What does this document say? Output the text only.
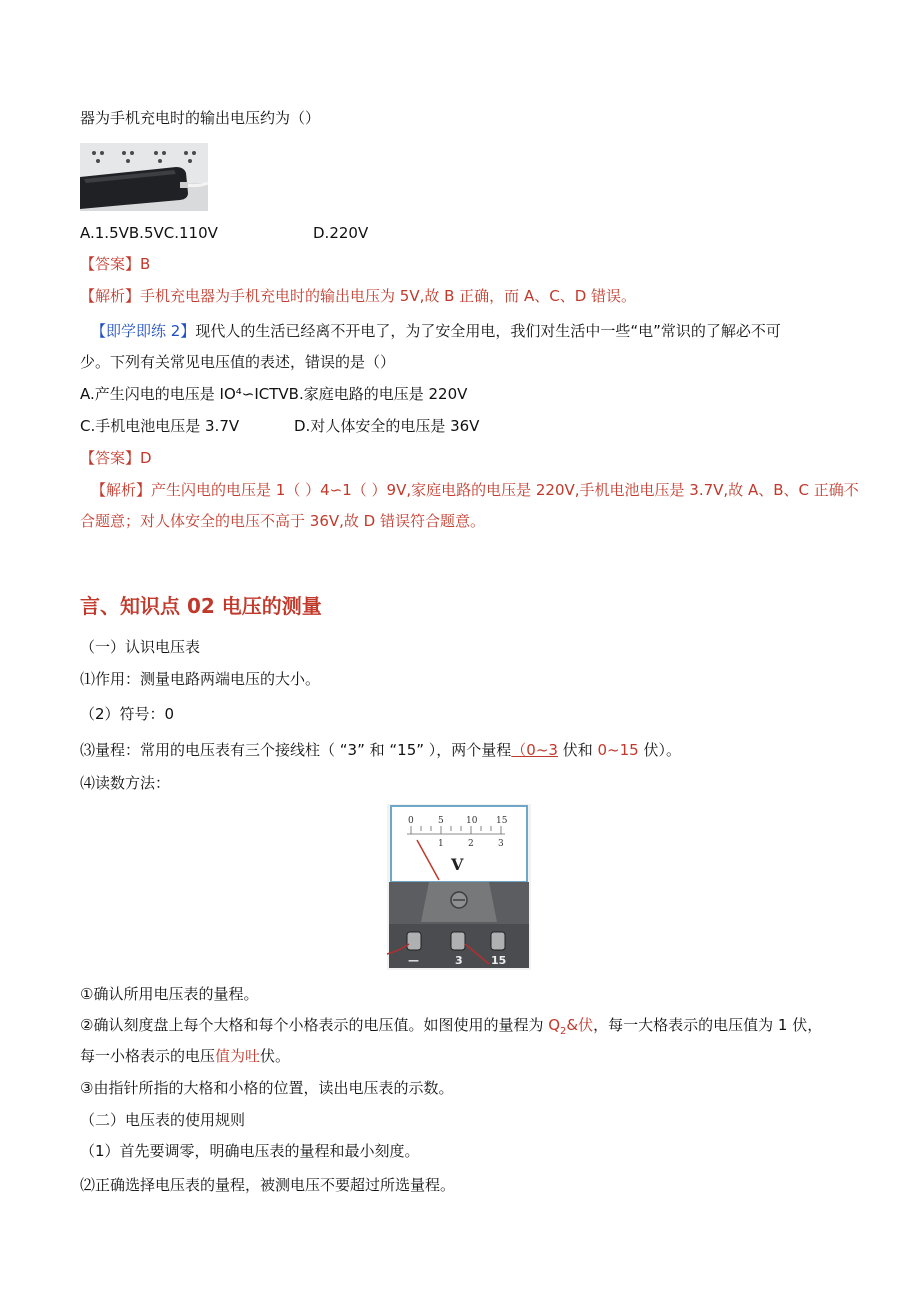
器为手机充电时的输出电压约为（）
A.1.5VB.5VC.110V	D.220V
【答案】B
【解析】手机充电器为手机充电时的输出电压为 5V,故 B 正确，而 A、C、D 错误。
【即学即练 2】现代人的生活已经离不开电了，为了安全用电，我们对生活中一些“电”常识的了解必不可
少。下列有关常见电压值的表述，错误的是（）
A.产生闪电的电压是 IO⁴∽ICTVB.家庭电路的电压是 220V
C.手机电池电压是 3.7V	D.对人体安全的电压是 36V
【答案】D
【解析】产生闪电的电压是 1（ ）4∽1（ ）9V,家庭电路的电压是 220V,手机电池电压是 3.7V,故 A、B、C 正确不
合题意；对人体安全的电压不高于 36V,故 D 错误符合题意。
言、知识点 02 电压的测量
（一）认识电压表
⑴作用：测量电路两端电压的大小。
（2）符号：0
⑶量程：常用的电压表有三个接线柱（ “3” 和 “15” ），两个量程（0~3 伏和 0~15 伏）。
⑷读数方法：
0	5 10 15
1	2	3
V
—	3	15
①确认所用电压表的量程。
②确认刻度盘上每个大格和每个小格表示的电压值。如图使用的量程为 $Q_2\&$伏，每一大格表示的电压值为 1 伏，
每一小格表示的电压值为吐伏。
③由指针所指的大格和小格的位置，读出电压表的示数。
（二）电压表的使用规则
（1）首先要调零，明确电压表的量程和最小刻度。
⑵正确选择电压表的量程，被测电压不要超过所选量程。
